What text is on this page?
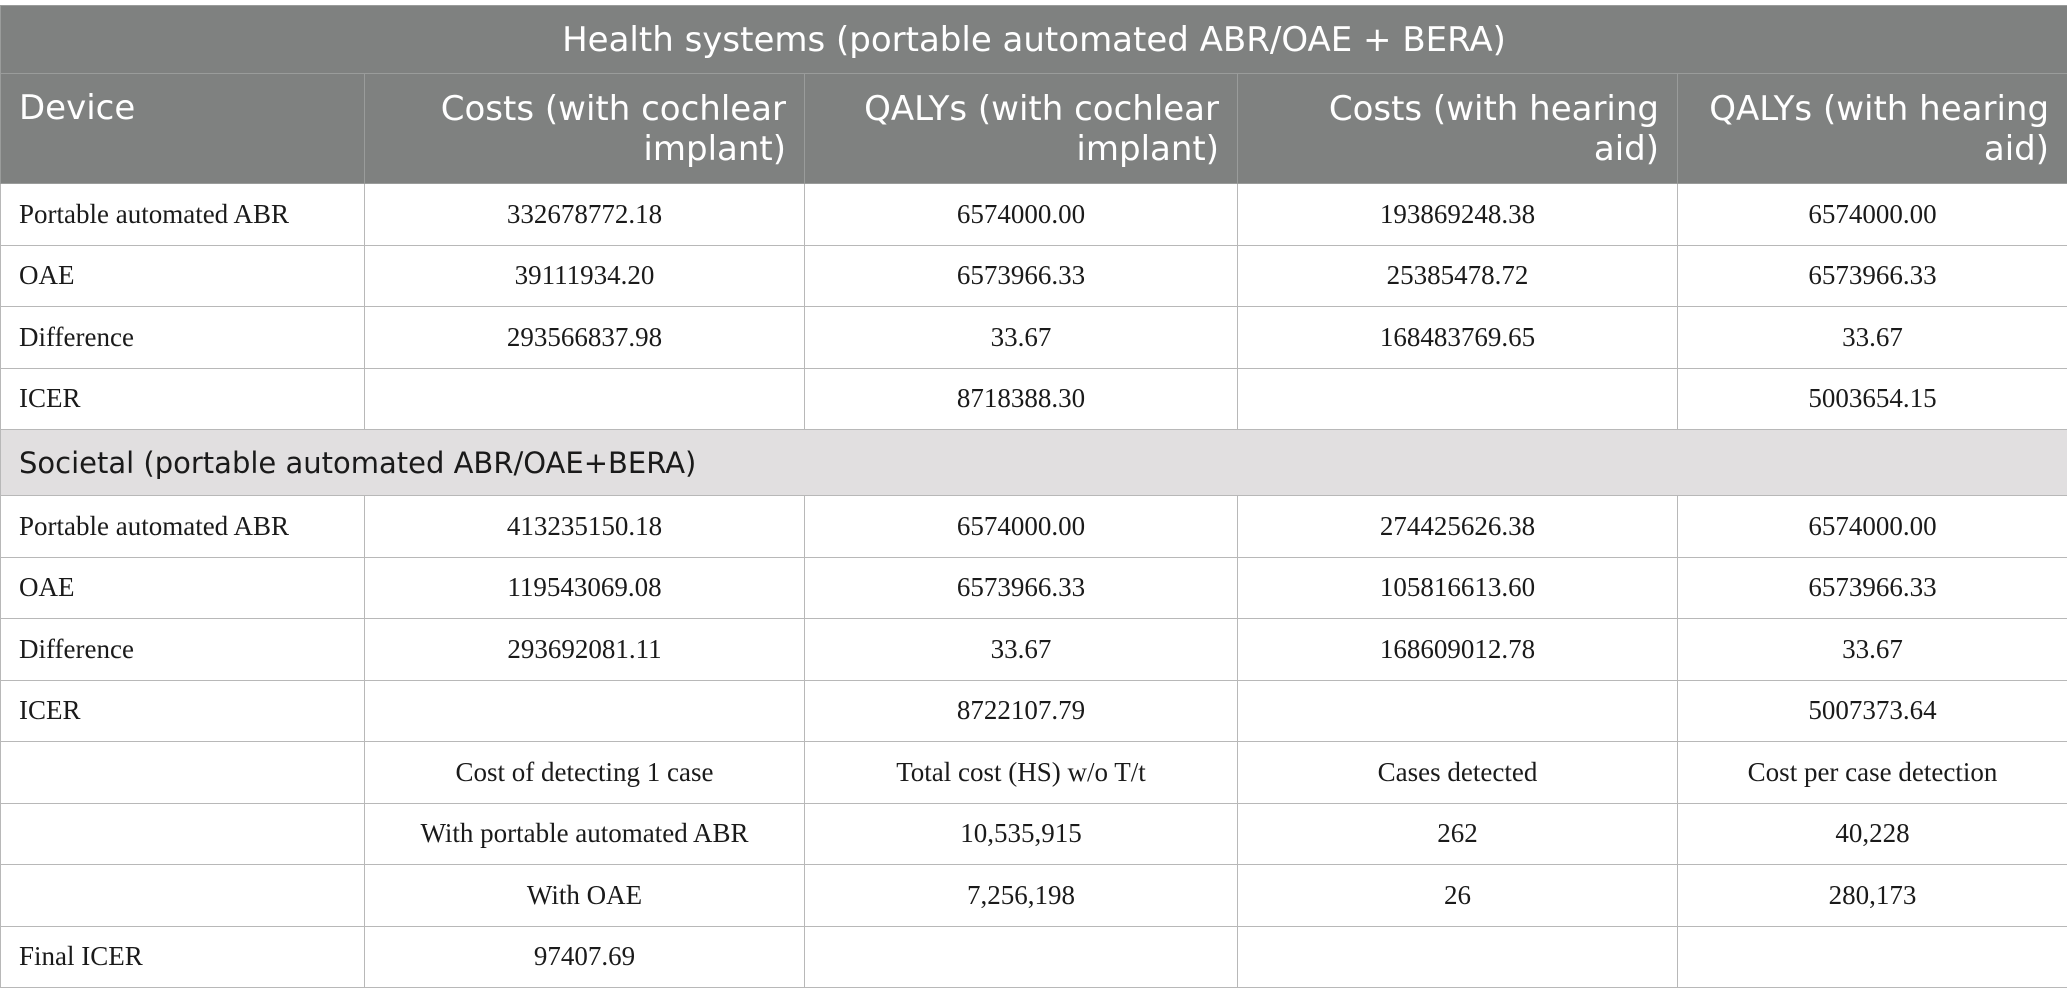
Health systems (portable automated ABR/OAE + BERA)				
Device	Costs (with cochlear implant)	QALYs (with cochlear implant)	Costs (with hearing aid)	QALYs (with hearing aid)
Portable automated ABR	332678772.18	6574000.00	193869248.38	6574000.00
OAE	39111934.20	6573966.33	25385478.72	6573966.33
Difference	293566837.98	33.67	168483769.65	33.67
ICER		8718388.30		5003654.15
Societal (portable automated ABR/OAE+BERA)				
Portable automated ABR	413235150.18	6574000.00	274425626.38	6574000.00
OAE	119543069.08	6573966.33	105816613.60	6573966.33
Difference	293692081.11	33.67	168609012.78	33.67
ICER		8722107.79		5007373.64
	Cost of detecting 1 case	Total cost (HS) w/o T/t	Cases detected	Cost per case detection
	With portable automated ABR	10,535,915	262	40,228
	With OAE	7,256,198	26	280,173
Final ICER	97407.69			
